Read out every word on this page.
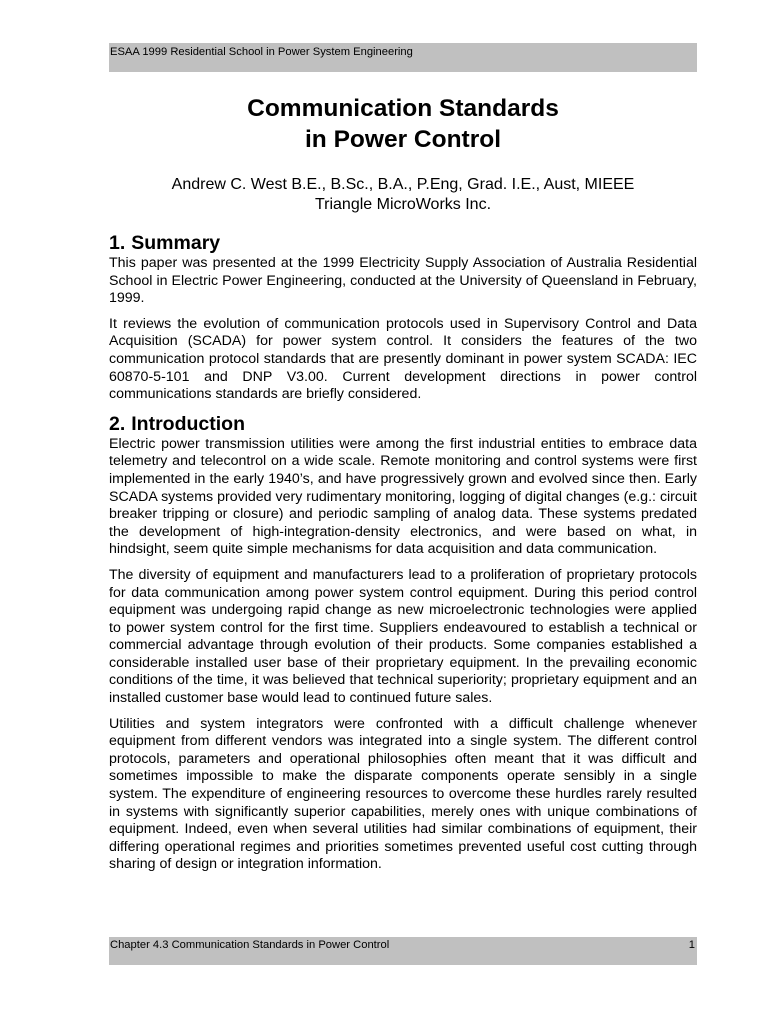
ESAA 1999 Residential School in Power System Engineering
Communication Standards
in Power Control
Andrew C. West B.E., B.Sc., B.A., P.Eng, Grad. I.E., Aust, MIEEE
Triangle MicroWorks Inc.
1. Summary

This paper was presented at the 1999 Electricity Supply Association of Australia Residential School in Electric Power Engineering, conducted at the University of Queensland in February, 1999.

It reviews the evolution of communication protocols used in Supervisory Control and Data Acquisition (SCADA) for power system control. It considers the features of the two communication protocol standards that are presently dominant in power system SCADA: IEC 60870-5-101 and DNP V3.00. Current development directions in power control communications standards are briefly considered.

2. Introduction

Electric power transmission utilities were among the first industrial entities to embrace data telemetry and telecontrol on a wide scale. Remote monitoring and control systems were first implemented in the early 1940’s, and have progressively grown and evolved since then. Early SCADA systems provided very rudimentary monitoring, logging of digital changes (e.g.: circuit breaker tripping or closure) and periodic sampling of analog data. These systems predated the development of high-integration-density electronics, and were based on what, in hindsight, seem quite simple mechanisms for data acquisition and data communication.

The diversity of equipment and manufacturers lead to a proliferation of proprietary protocols for data communication among power system control equipment. During this period control equipment was undergoing rapid change as new microelectronic technologies were applied to power system control for the first time. Suppliers endeavoured to establish a technical or commercial advantage through evolution of their products. Some companies established a considerable installed user base of their proprietary equipment. In the prevailing economic conditions of the time, it was believed that technical superiority; proprietary equipment and an installed customer base would lead to continued future sales.

Utilities and system integrators were confronted with a difficult challenge whenever equipment from different vendors was integrated into a single system. The different control protocols, parameters and operational philosophies often meant that it was difficult and sometimes impossible to make the disparate components operate sensibly in a single system. The expenditure of engineering resources to overcome these hurdles rarely resulted in systems with significantly superior capabilities, merely ones with unique combinations of equipment. Indeed, even when several utilities had similar combinations of equipment, their differing operational regimes and priorities sometimes prevented useful cost cutting through sharing of design or integration information.

Chapter 4.3 Communication Standards in Power Control	1
